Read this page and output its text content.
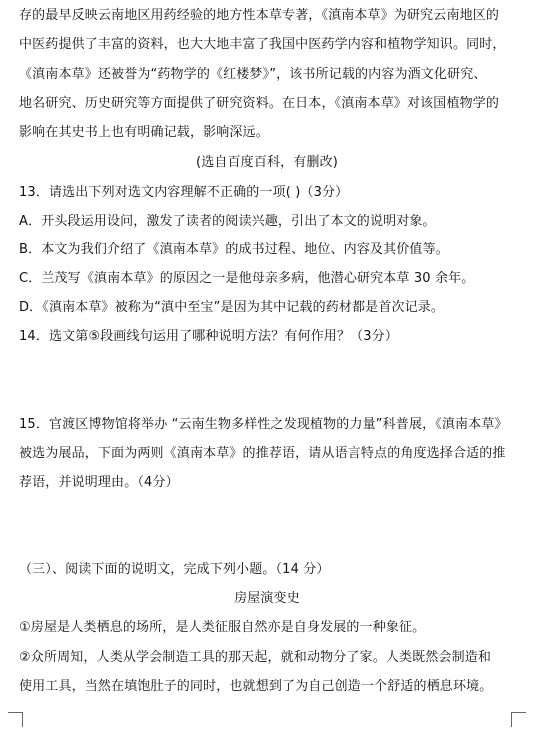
存的最早反映云南地区用药经验的地方性本草专著，《滇南本草》为研究云南地区的
中医药提供了丰富的资料，也大大地丰富了我国中医药学内容和植物学知识。同时，
《滇南本草》还被誉为“药物学的《红楼梦》”，该书所记载的内容为酒文化研究、
地名研究、历史研究等方面提供了研究资料。在日本，《滇南本草》对该国植物学的
影响在其史书上也有明确记载，影响深远。
(选自百度百科，有删改)
13．请选出下列对选文内容理解不正确的一项( )（3分）
A．开头段运用设问，激发了读者的阅读兴趣，引出了本文的说明对象。
B．本文为我们介绍了《滇南本草》的成书过程、地位、内容及其价值等。
C．兰茂写《滇南本草》的原因之一是他母亲多病，他潜心研究本草 30 余年。
D．《滇南本草》被称为“滇中至宝”是因为其中记载的药材都是首次记录。
14．选文第⑤段画线句运用了哪种说明方法？有何作用？（3分）
15．官渡区博物馆将举办 “云南生物多样性之发现植物的力量”科普展，《滇南本草》
被选为展品，下面为两则《滇南本草》的推荐语，请从语言特点的角度选择合适的推
荐语，并说明理由。（4分）
（三）、阅读下面的说明文，完成下列小题。（14 分）
房屋演变史
①房屋是人类栖息的场所，是人类征服自然亦是自身发展的一种象征。
②众所周知，人类从学会制造工具的那天起，就和动物分了家。人类既然会制造和
使用工具，当然在填饱肚子的同时，也就想到了为自己创造一个舒适的栖息环境。
